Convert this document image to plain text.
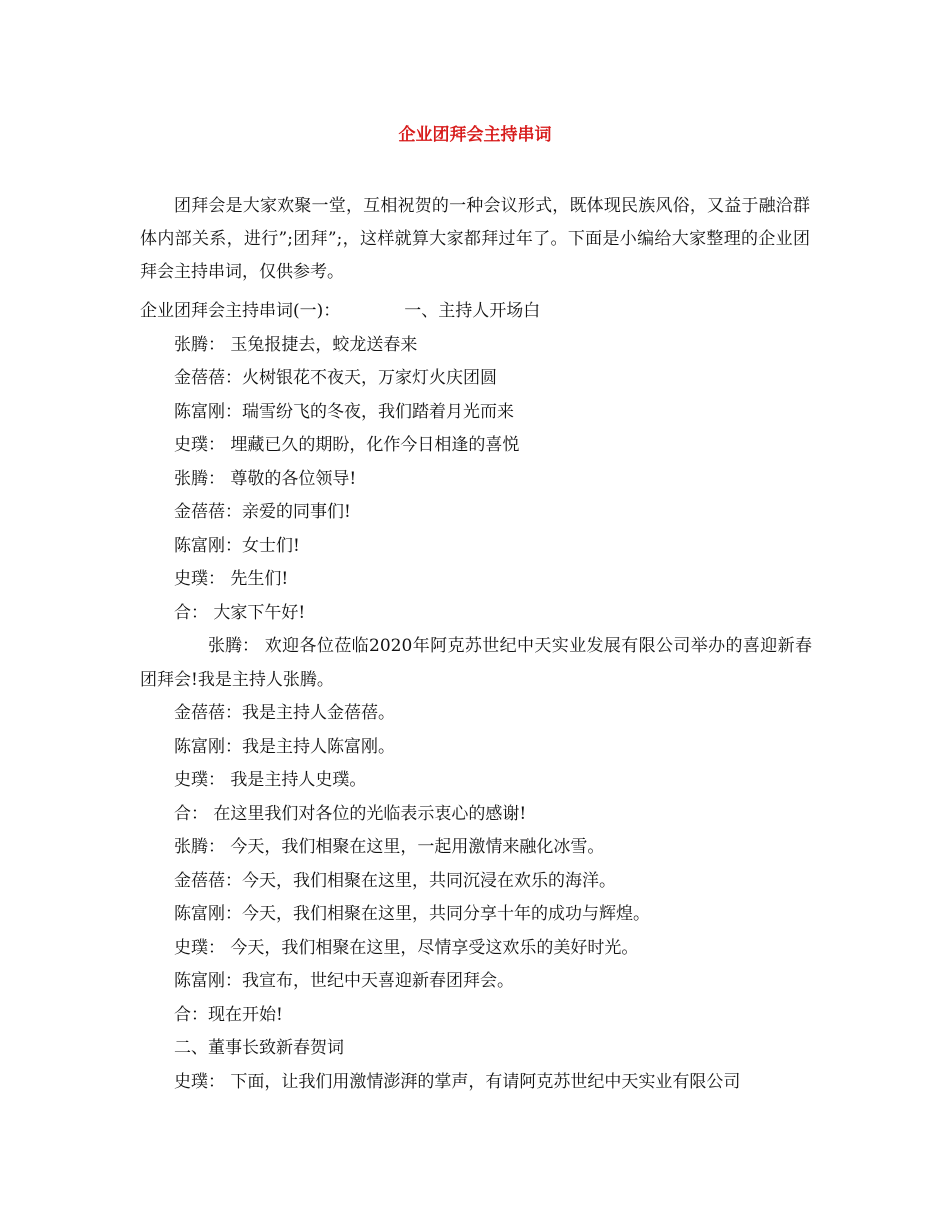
企业团拜会主持串词

团拜会是大家欢聚一堂，互相祝贺的一种会议形式，既体现民族风俗，又益于融洽群体内部关系，进行”;团拜”;，这样就算大家都拜过年了。下面是小编给大家整理的企业团拜会主持串词，仅供参考。

企业团拜会主持串词(一)：	一、主持人开场白
张腾： 玉兔报捷去，蛟龙送春来
金蓓蓓：火树银花不夜天，万家灯火庆团圆
陈富刚：瑞雪纷飞的冬夜，我们踏着月光而来
史璞： 埋藏已久的期盼，化作今日相逢的喜悦
张腾： 尊敬的各位领导!
金蓓蓓：亲爱的同事们!
陈富刚：女士们!
史璞： 先生们!
合： 大家下午好!
张腾： 欢迎各位莅临2020年阿克苏世纪中天实业发展有限公司举办的喜迎新春团拜会!我是主持人张腾。
金蓓蓓：我是主持人金蓓蓓。
陈富刚：我是主持人陈富刚。
史璞： 我是主持人史璞。
合： 在这里我们对各位的光临表示衷心的感谢!
张腾： 今天，我们相聚在这里，一起用激情来融化冰雪。
金蓓蓓：今天，我们相聚在这里，共同沉浸在欢乐的海洋。
陈富刚：今天，我们相聚在这里，共同分享十年的成功与辉煌。
史璞： 今天，我们相聚在这里，尽情享受这欢乐的美好时光。
陈富刚：我宣布，世纪中天喜迎新春团拜会。
合：现在开始!
二、董事长致新春贺词
史璞： 下面，让我们用激情澎湃的掌声，有请阿克苏世纪中天实业有限公司
